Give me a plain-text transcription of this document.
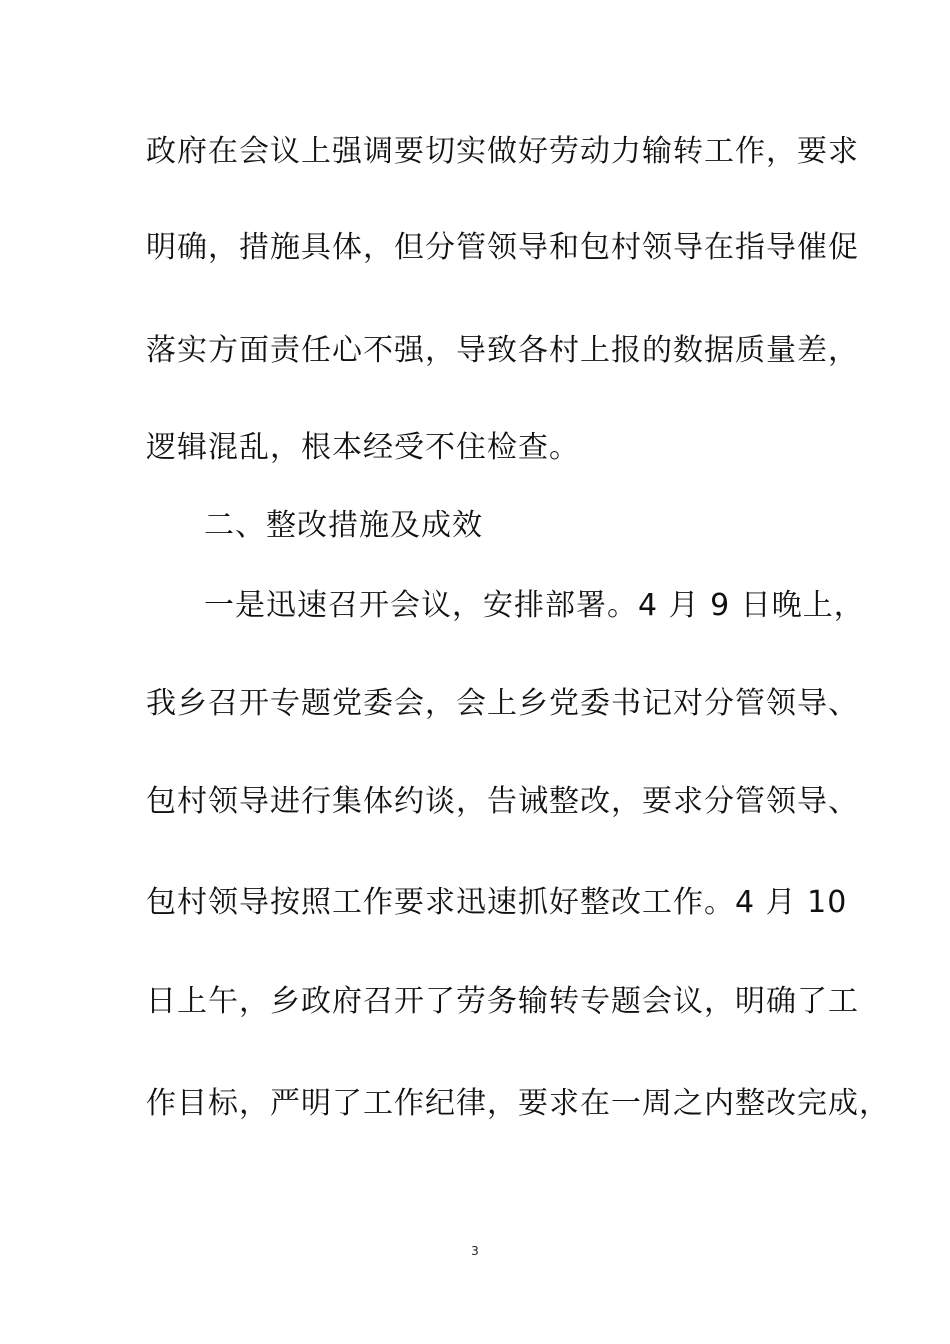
政府在会议上强调要切实做好劳动力输转工作，要求
明确，措施具体，但分管领导和包村领导在指导催促
落实方面责任心不强，导致各村上报的数据质量差，
逻辑混乱，根本经受不住检查。
二、整改措施及成效
一是迅速召开会议，安排部署。4 月 9 日晚上，
我乡召开专题党委会，会上乡党委书记对分管领导、
包村领导进行集体约谈，告诫整改，要求分管领导、
包村领导按照工作要求迅速抓好整改工作。4 月 10
日上午，乡政府召开了劳务输转专题会议，明确了工
作目标，严明了工作纪律，要求在一周之内整改完成，
3
